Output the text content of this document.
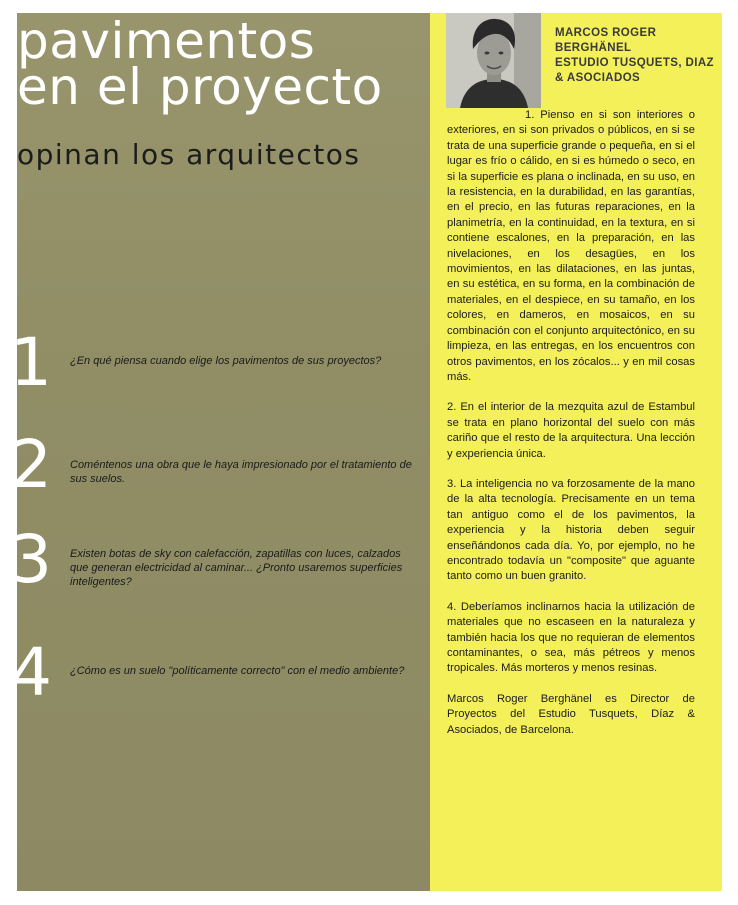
pavimentos
en el proyecto
opinan los arquitectos
1 ¿En qué piensa cuando elige los pavimentos de sus proyectos?
2 Coméntenos una obra que le haya impresionado por el tratamiento de sus suelos.
3 Existen botas de sky con calefacción, zapatillas con luces, calzados que generan electricidad al caminar... ¿Pronto usaremos superficies inteligentes?
4 ¿Cómo es un suelo "políticamente correcto" con el medio ambiente?
MARCOS ROGER BERGHÄNEL
ESTUDIO TUSQUETS, DIAZ & ASOCIADOS

1. Pienso en si son interiores o exteriores, en si son privados o públicos, en si se trata de una superficie grande o pequeña, en si el lugar es frío o cálido, en si es húmedo o seco, en si la superficie es plana o inclinada, en su uso, en la resistencia, en la durabilidad, en las garantías, en el precio, en las futuras reparaciones, en la planimetría, en la continuidad, en la textura, en si contiene escalones, en la preparación, en las nivelaciones, en los desagües, en los movimientos, en las dilataciones, en las juntas, en su estética, en su forma, en la combinación de materiales, en el despiece, en su tamaño, en los colores, en dameros, en mosaicos, en su combinación con el conjunto arquitectónico, en su limpieza, en las entregas, en los encuentros con otros pavimentos, en los zócalos... y en mil cosas más.

2. En el interior de la mezquita azul de Estambul se trata en plano horizontal del suelo con más cariño que el resto de la arquitectura. Una lección y experiencia única.

3. La inteligencia no va forzosamente de la mano de la alta tecnología. Precisamente en un tema tan antiguo como el de los pavimentos, la experiencia y la historia deben seguir enseñándonos cada día. Yo, por ejemplo, no he encontrado todavía un "composite" que aguante tanto como un buen granito.

4. Deberíamos inclinarnos hacia la utilización de materiales que no escaseen en la naturaleza y también hacia los que no requieran de elementos contaminantes, o sea, más pétreos y menos tropicales. Más morteros y menos resinas.

Marcos Roger Berghänel es Director de Proyectos del Estudio Tusquets, Díaz & Asociados, de Barcelona.
